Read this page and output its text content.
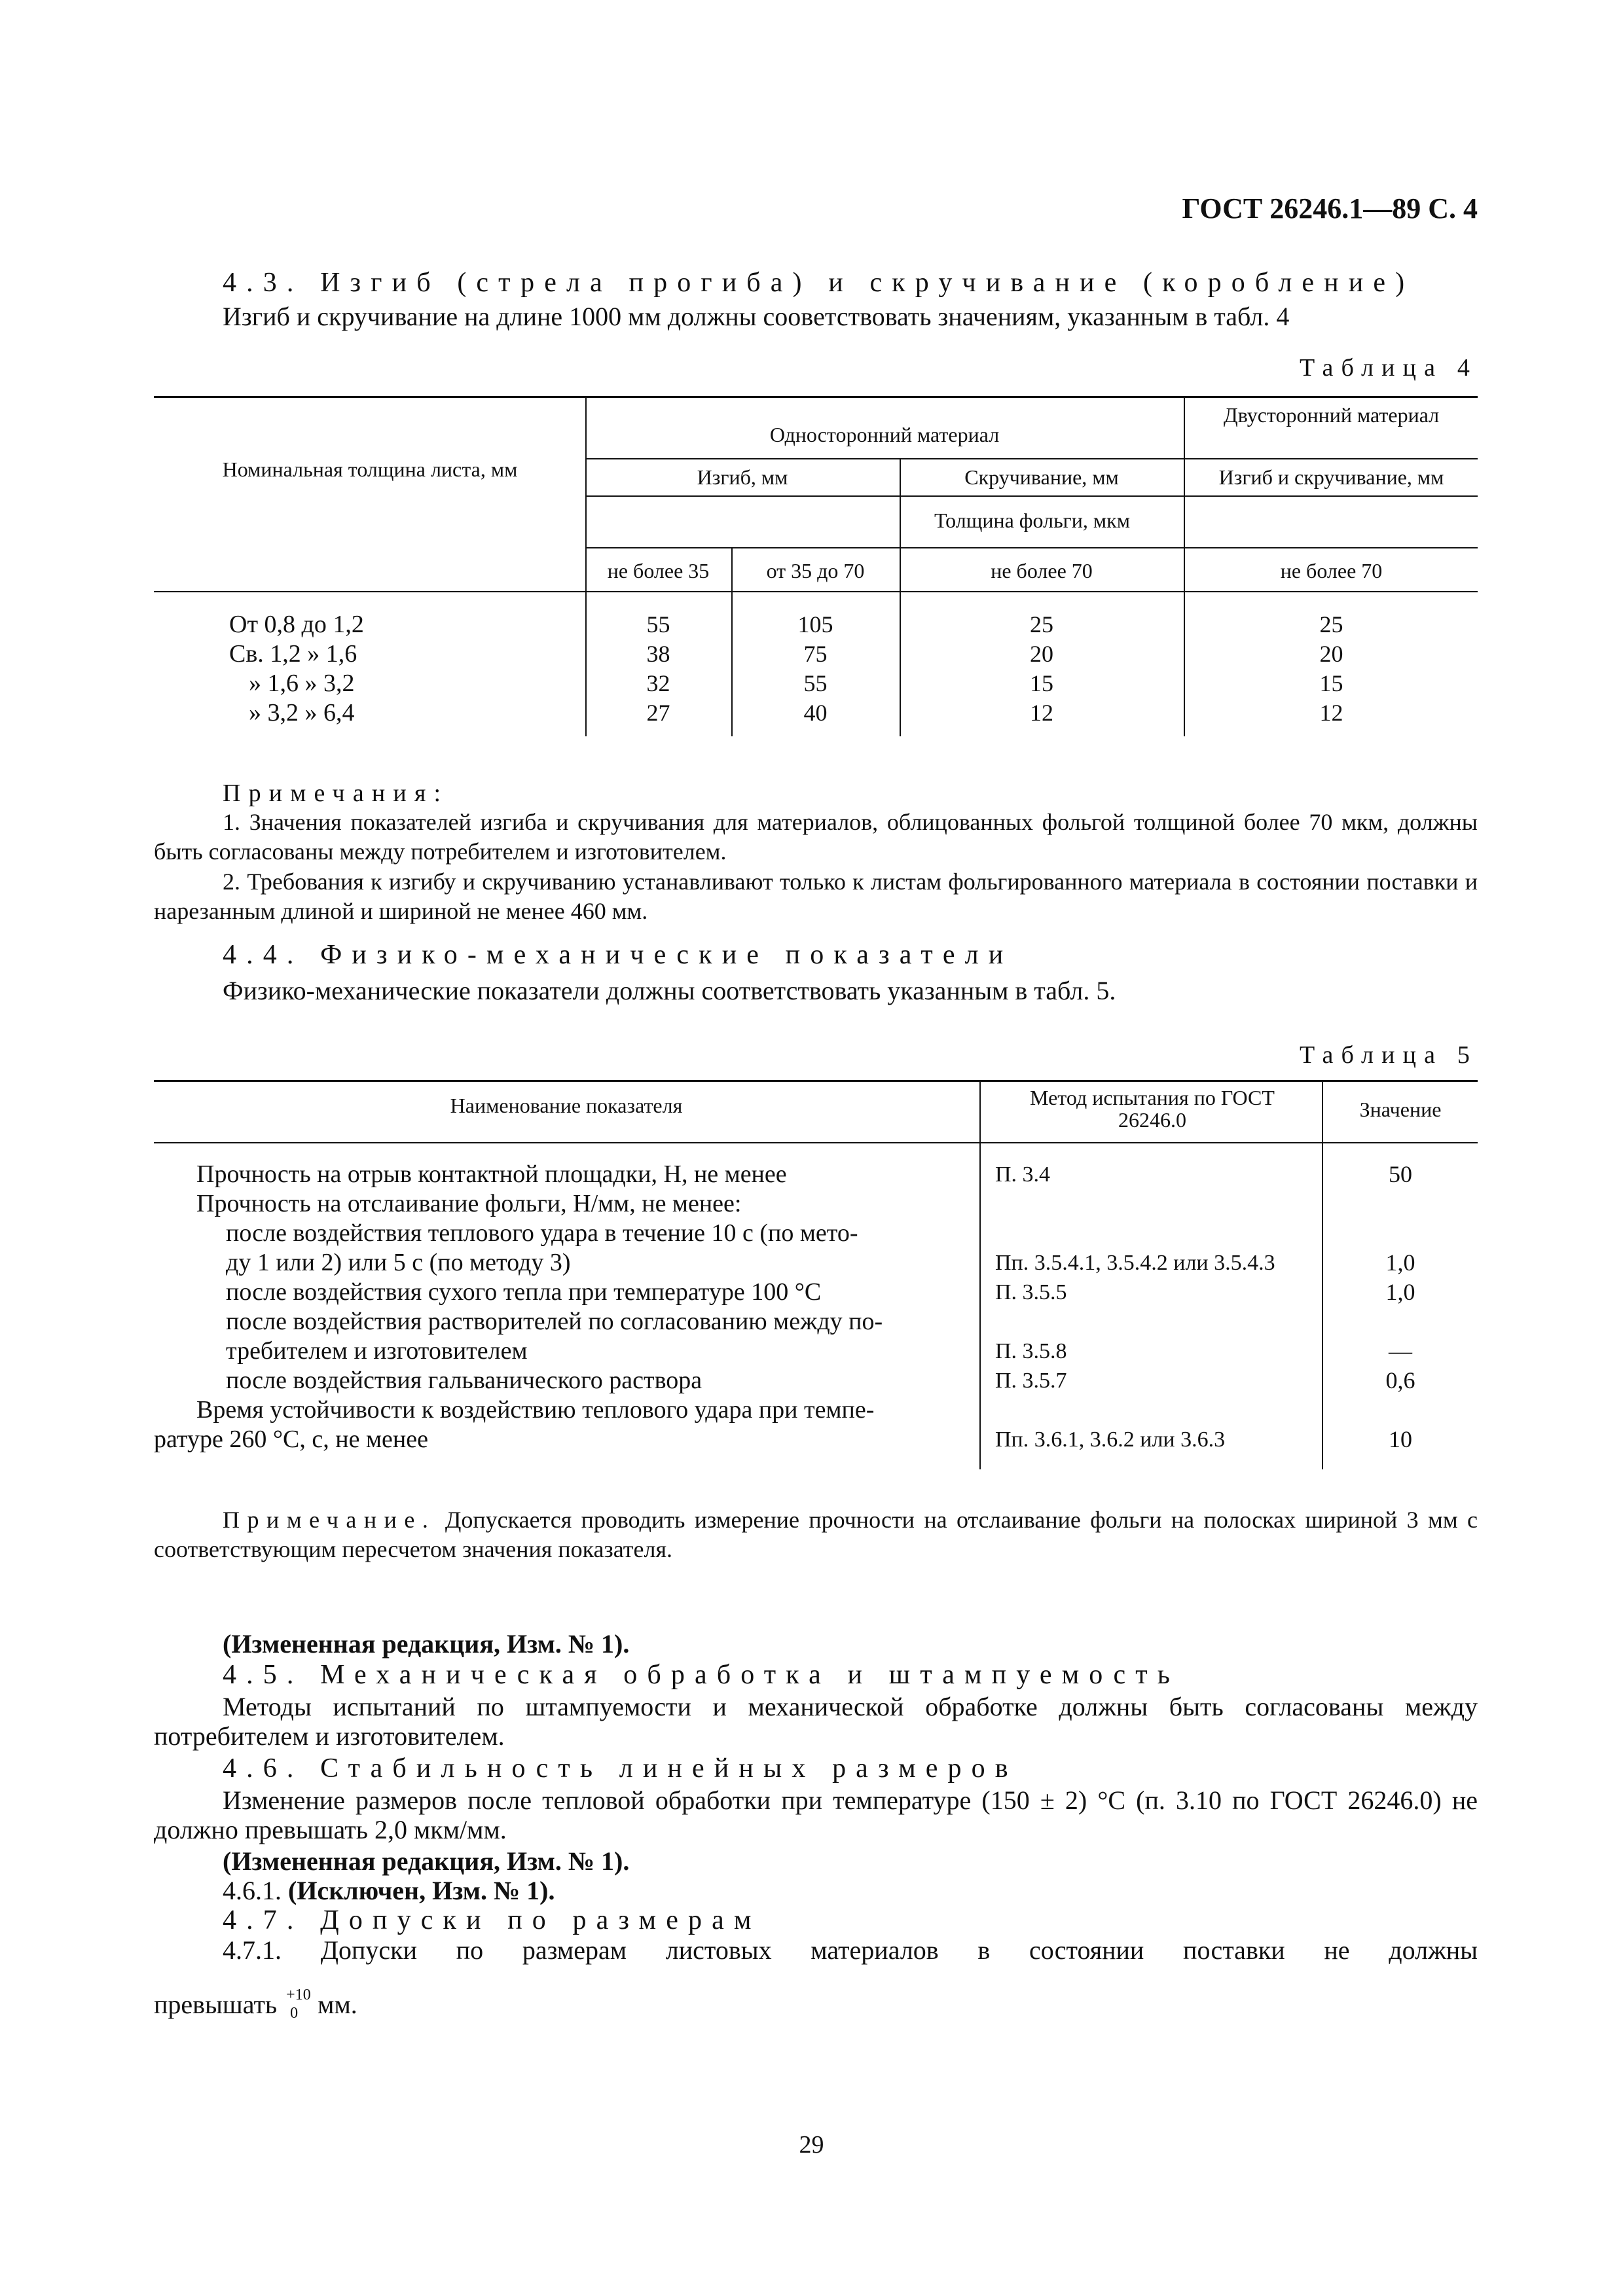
ГОСТ 26246.1—89 С. 4
4.3. Изгиб (стрела прогиба) и скручивание (коробление)
Изгиб и скручивание на длине 1000 мм должны соовeтствовать значениям, указанным в табл. 4
Таблица 4
Номинальная толщина листа, мм
Односторонний материал
Двусторонний материал
Изгиб, мм	Скручивание, мм	Изгиб и скручивание, мм
Толщина фольги, мкм
не более 35	от 35 до 70	не более 70	не более 70
От 0,8 до 1,2	55	105	25	25
Св. 1,2 » 1,6	38	75	20	20
» 1,6 » 3,2	32	55	15	15
» 3,2 » 6,4	27	40	12	12
Примечания:

1. Значения показателей изгиба и скручивания для материалов, облицованных фольгой толщиной более 70 мкм, должны быть согласованы между потребителем и изготовителем.

2. Требования к изгибу и скручиванию устанавливают только к листам фольгированного материала в состоянии поставки и нарезанным длиной и шириной не менее 460 мм.

4.4. Физико-механические показатели
Физико-механические показатели должны соответствовать указанным в табл. 5.
Таблица 5
Наименование показателя	Метод испытания по ГОСТ 26246.0	Значение
Прочность на отрыв контактной площадки, Н, не менее	П. 3.4	50
Прочность на отслаивание фольги, Н/мм, не менее:
после воздействия теплового удара в течение 10 с (по мето-
ду 1 или 2) или 5 с (по методу 3)	Пп. 3.5.4.1, 3.5.4.2 или 3.5.4.3	1,0
после воздействия сухого тепла при температуре 100 °С	П. 3.5.5	1,0
после воздействия растворителей по согласованию между по-
требителем и изготовителем	П. 3.5.8	—
после воздействия гальванического раствора	П. 3.5.7	0,6
Время устойчивости к воздействию теплового удара при темпе-
ратуре 260 °С, с, не менее	Пп. 3.6.1, 3.6.2 или 3.6.3	10

Примечание. Допускается проводить измерение прочности на отслаивание фольги на полосках шириной 3 мм с соответствующим пересчетом значения показателя.

(Измененная редакция, Изм. № 1).
4.5. Механическая обработка и штампуемость

Методы испытаний по штампуемости и механической обработке должны быть согласованы между потребителем и изготовителем.

4.6. Стабильность линейных размеров

Изменение размеров после тепловой обработки при температуре (150 ± 2) °С (п. 3.10 по ГОСТ 26246.0) не должно превышать 2,0 мкм/мм.

(Измененная редакция, Изм. № 1).
4.6.1. (Исключен, Изм. № 1).
4.7. Допуски по размерам

4.7.1. Допуски по размерам листовых материалов в состоянии поставки не должны

превышать +10
0 мм.
29
